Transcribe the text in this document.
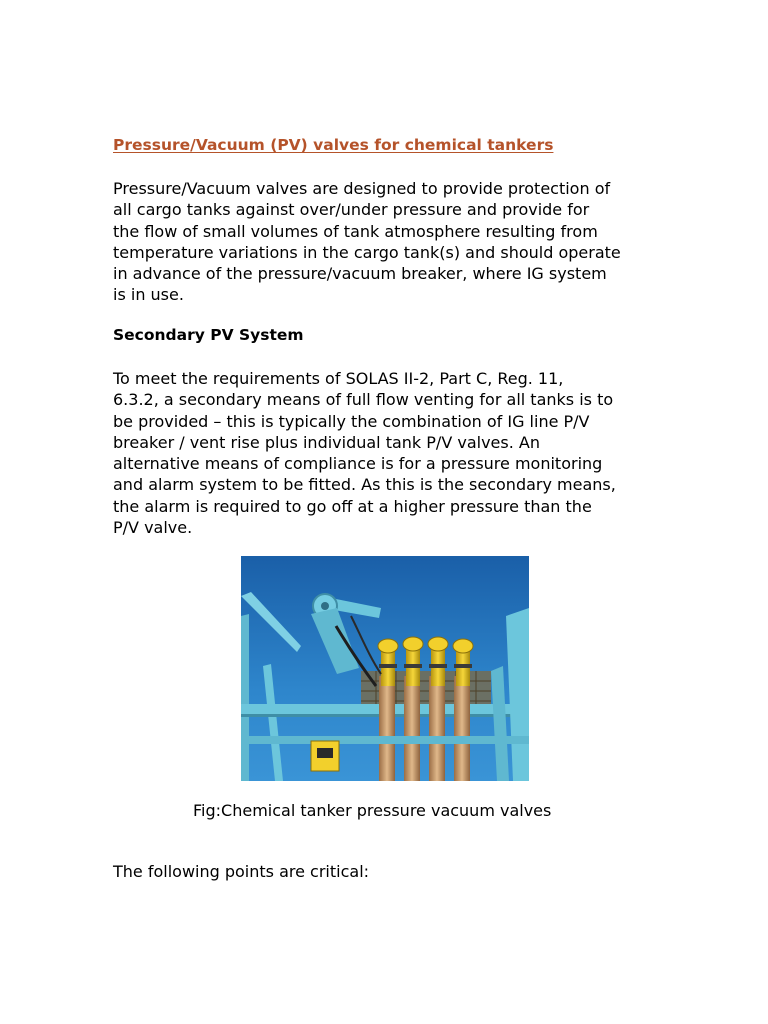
Pressure/Vacuum (PV) valves for chemical tankers

Pressure/Vacuum valves are designed to provide protection of
all cargo tanks against over/under pressure and provide for
the flow of small volumes of tank atmosphere resulting from
temperature variations in the cargo tank(s) and should operate
in advance of the pressure/vacuum breaker, where IG system
is in use.

Secondary PV System

To meet the requirements of SOLAS II-2, Part C, Reg. 11,
6.3.2, a secondary means of full flow venting for all tanks is to
be provided – this is typically the combination of IG line P/V
breaker / vent rise plus individual tank P/V valves. An
alternative means of compliance is for a pressure monitoring
and alarm system to be fitted. As this is the secondary means,
the alarm is required to go off at a higher pressure than the
P/V valve.

Fig:Chemical tanker pressure vacuum valves
The following points are critical:
